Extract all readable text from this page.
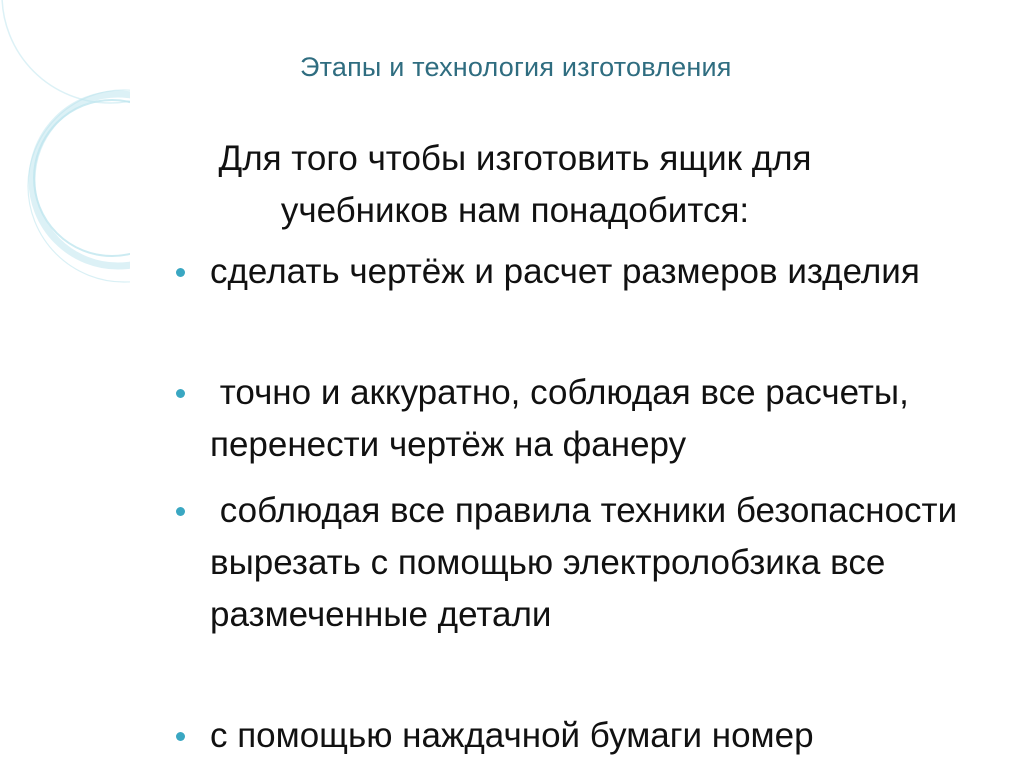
Этапы и технология изготовления
Для того чтобы изготовить ящик для учебников нам понадобится:
сделать чертёж и расчет размеров изделия
точно и аккуратно, соблюдая все расчеты, перенести чертёж на фанеру
соблюдая все правила техники безопасности вырезать с помощью электролобзика все размеченные детали
с помощью наждачной бумаги номер
